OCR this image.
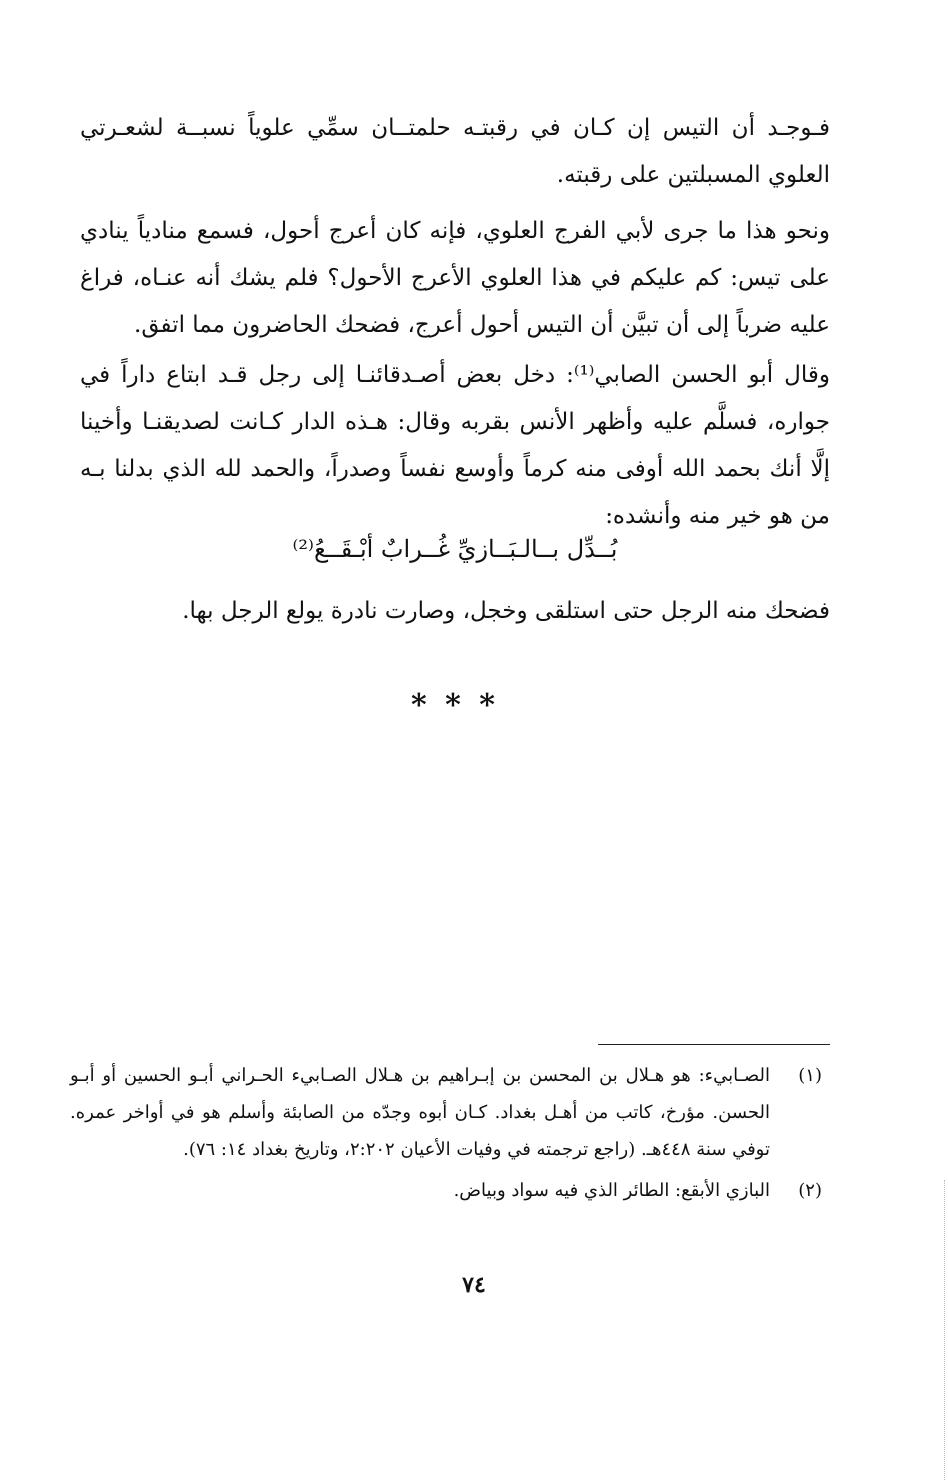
فـوجـد أن التيس إن كـان في رقبتـه حلمتــان سمِّي علوياً نسبــة لشعـرتي العلوي المسبلتين على رقبته.

ونحو هذا ما جرى لأبي الفرج العلوي، فإنه كان أعرج أحول، فسمع منادياً ينادي على تيس: كم عليكم في هذا العلوي الأعرج الأحول؟ فلم يشك أنه عنـاه، فراغ عليه ضرباً إلى أن تبيَّن أن التيس أحول أعرج، فضحك الحاضرون مما اتفق.

وقال أبو الحسن الصابي⁽¹⁾: دخل بعض أصـدقائنـا إلى رجل قـد ابتاع داراً في جواره، فسلَّم عليه وأظهر الأنس بقربه وقال: هـذه الدار كـانت لصديقنـا وأخينا إلَّا أنك بحمد الله أوفى منه كرماً وأوسع نفساً وصدراً، والحمد لله الذي بدلنا بـه من هو خير منه وأنشده:

بُــدِّل بــالـبَــازيِّ غُــرابٌ أبْـقَــعُ⁽²⁾

فضحك منه الرجل حتى استلقى وخجل، وصارت نادرة يولع الرجل بها.

* * *

(١)
الصـابيء: هو هـلال بن المحسن بن إبـراهيم بن هـلال الصـابيء الحـراني أبـو الحسين أو أبـو الحسن. مؤرخ، كاتب من أهـل بغداد. كـان أبوه وجدّه من الصابئة وأسلم هو في أواخر عمره. توفي سنة ٤٤٨هـ. (راجع ترجمته في وفيات الأعيان ٢:٢٠٢، وتاريخ بغداد ١٤: ٧٦).
(٢)
البازي الأبقع: الطائر الذي فيه سواد وبياض.
٧٤
